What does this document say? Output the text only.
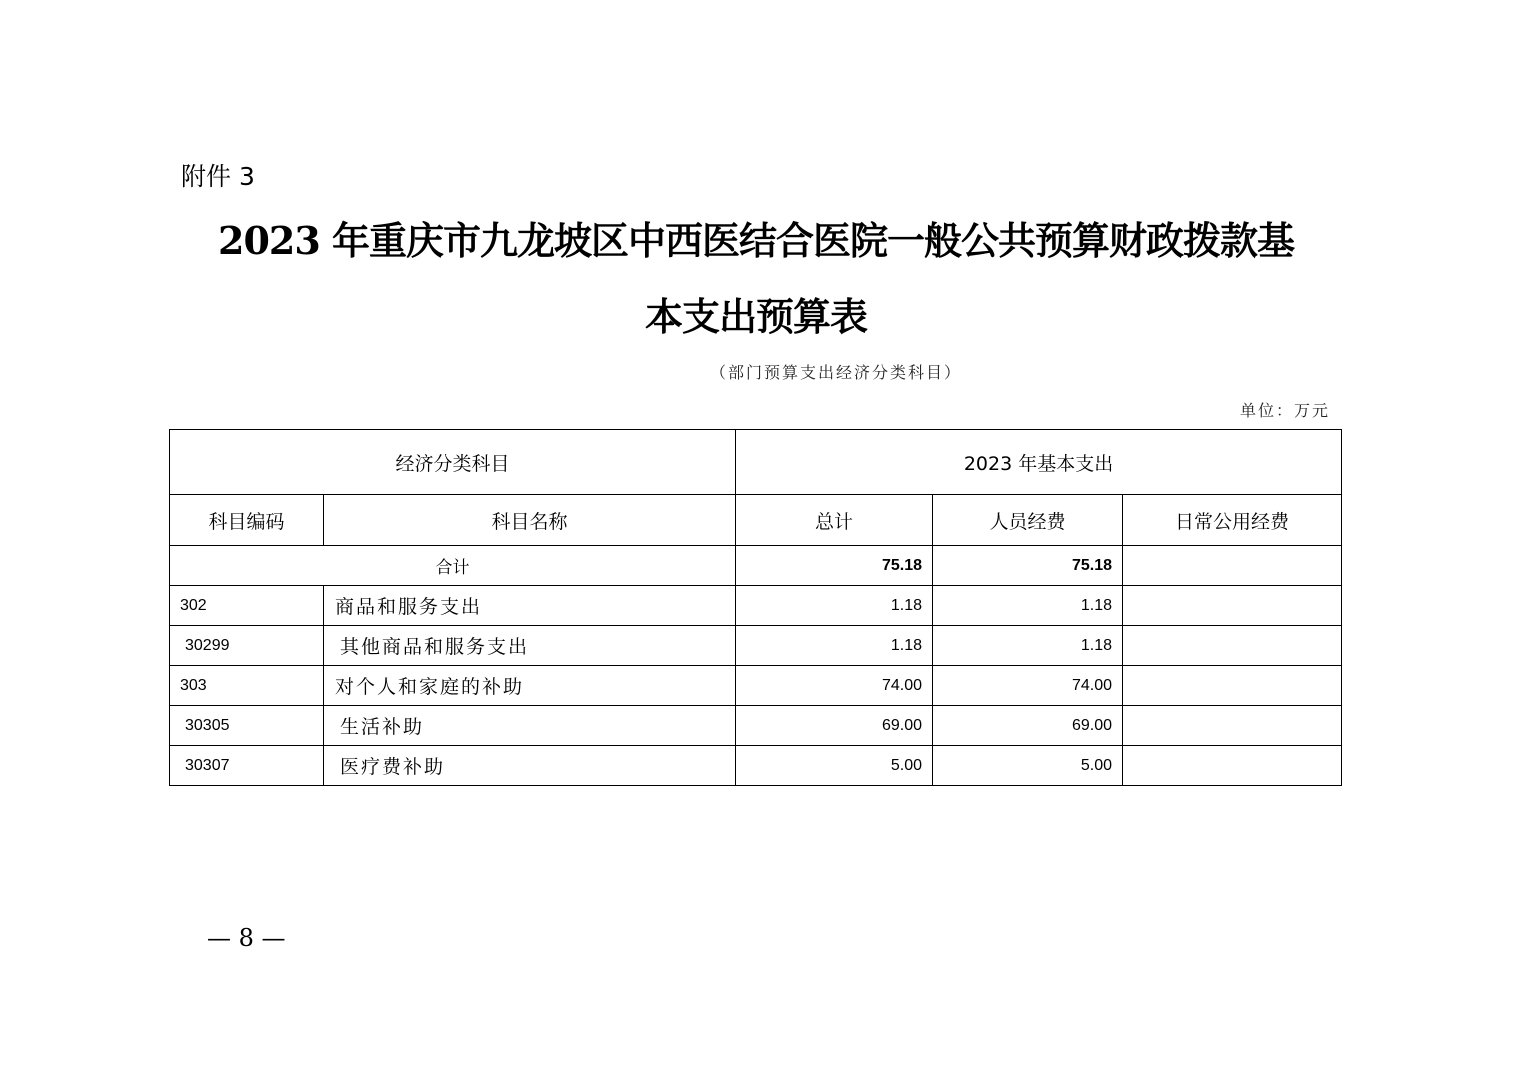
附件 3
2023 年重庆市九龙坡区中西医结合医院一般公共预算财政拨款基
本支出预算表
（部门预算支出经济分类科目）
单位：万元
经济分类科目		2023 年基本支出		
科目编码	科目名称	总计	人员经费	日常公用经费
合计		75.18	75.18	
302	商品和服务支出	1.18	1.18	
30299	其他商品和服务支出	1.18	1.18	
303	对个人和家庭的补助	74.00	74.00	
30305	生活补助	69.00	69.00	
30307	医疗费补助	5.00	5.00	
— 8 —
